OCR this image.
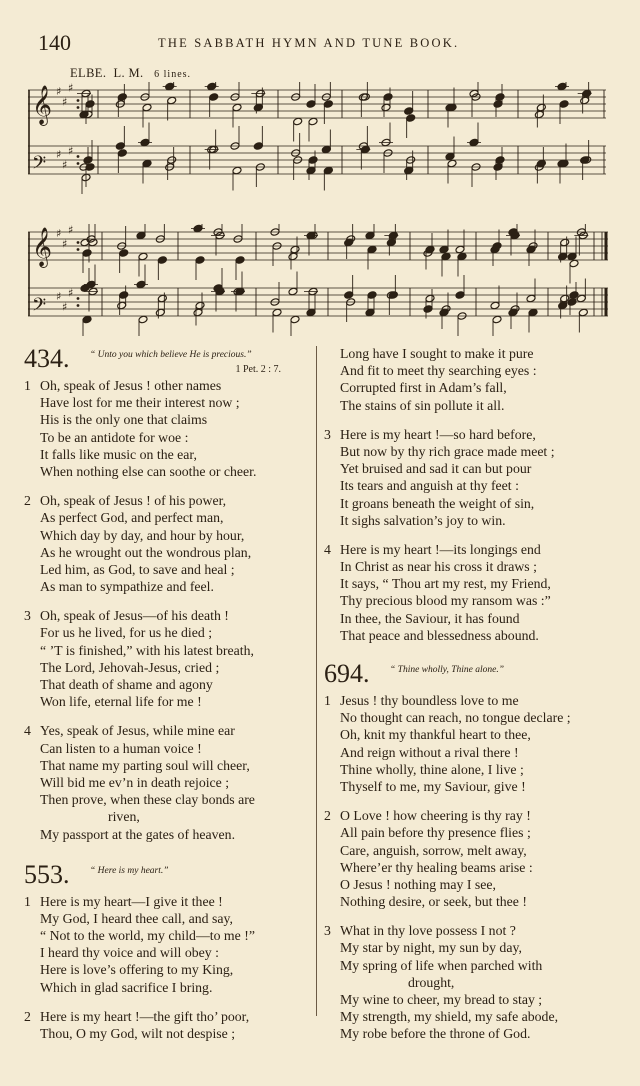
140	THE SABBATH HYMN AND TUNE BOOK.
ELBE. L. M. 6 lines.
𝄞 ♯
♯
♯
𝄢 ♯
♯
♯
𝄞 ♯
♯
♯
𝄢 ♯
♯
♯
434. “ Unto you which believe He is precious.”
1 Pet. 2 : 7.
1 Oh, speak of Jesus ! other names
Have lost for me their interest now ;
His is the only one that claims
To be an antidote for woe :
It falls like music on the ear,
When nothing else can soothe or cheer.
2 Oh, speak of Jesus ! of his power,
As perfect God, and perfect man,
Which day by day, and hour by hour,
As he wrought out the wondrous plan,
Led him, as God, to save and heal ;
As man to sympathize and feel.
3 Oh, speak of Jesus—of his death !
For us he lived, for us he died ;
“ ’T is finished,” with his latest breath,
The Lord, Jehovah-Jesus, cried ;
That death of shame and agony
Won life, eternal life for me !
4 Yes, speak of Jesus, while mine ear
Can listen to a human voice !
That name my parting soul will cheer,
Will bid me ev’n in death rejoice ;
Then prove, when these clay bonds are
riven,
My passport at the gates of heaven.
553. “ Here is my heart.”
1 Here is my heart—I give it thee !
My God, I heard thee call, and say,
“ Not to the world, my child—to me !”
I heard thy voice and will obey :
Here is love’s offering to my King,
Which in glad sacrifice I bring.
2 Here is my heart !—the gift tho’ poor,
Thou, O my God, wilt not despise ;
Long have I sought to make it pure
And fit to meet thy searching eyes :
Corrupted first in Adam’s fall,
The stains of sin pollute it all.
3 Here is my heart !—so hard before,
But now by thy rich grace made meet ;
Yet bruised and sad it can but pour
Its tears and anguish at thy feet :
It groans beneath the weight of sin,
It sighs salvation’s joy to win.
4 Here is my heart !—its longings end
In Christ as near his cross it draws ;
It says, “ Thou art my rest, my Friend,
Thy precious blood my ransom was :”
In thee, the Saviour, it has found
That peace and blessedness abound.
694. “ Thine wholly, Thine alone.”
1 Jesus ! thy boundless love to me
No thought can reach, no tongue declare ;
Oh, knit my thankful heart to thee,
And reign without a rival there !
Thine wholly, thine alone, I live ;
Thyself to me, my Saviour, give !
2 O Love ! how cheering is thy ray !
All pain before thy presence flies ;
Care, anguish, sorrow, melt away,
Where’er thy healing beams arise :
O Jesus ! nothing may I see,
Nothing desire, or seek, but thee !
3 What in thy love possess I not ?
My star by night, my sun by day,
My spring of life when parched with
drought,
My wine to cheer, my bread to stay ;
My strength, my shield, my safe abode,
My robe before the throne of God.
